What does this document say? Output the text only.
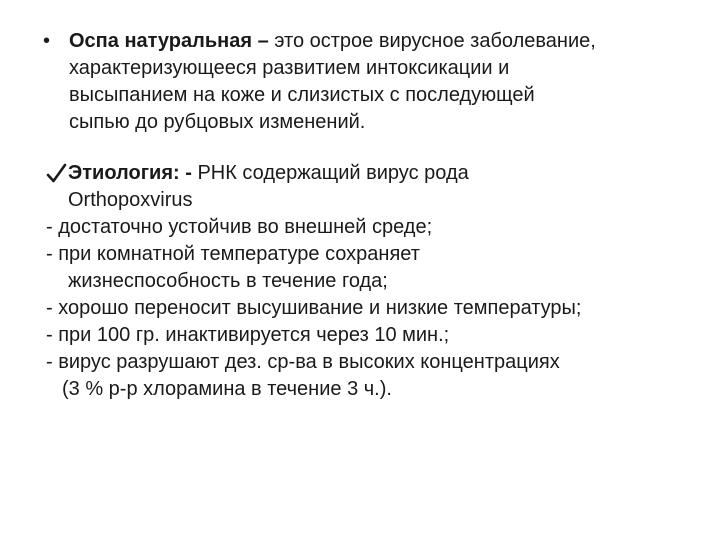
• Оспа натуральная – это острое вирусное заболевание,
характеризующееся развитием интоксикации и
высыпанием на коже и слизистых с последующей
сыпью до рубцовых изменений.
Этиология: - РНК содержащий вирус рода
Orthopoxvirus
- достаточно устойчив во внешней среде;
- при комнатной температуре сохраняет
жизнеспособность в течение года;
- хорошо переносит высушивание и низкие температуры;
- при 100 гр. инактивируется через 10 мин.;
- вирус разрушают дез. ср-ва в высоких концентрациях
(3 % р-р хлорамина в течение 3 ч.).
